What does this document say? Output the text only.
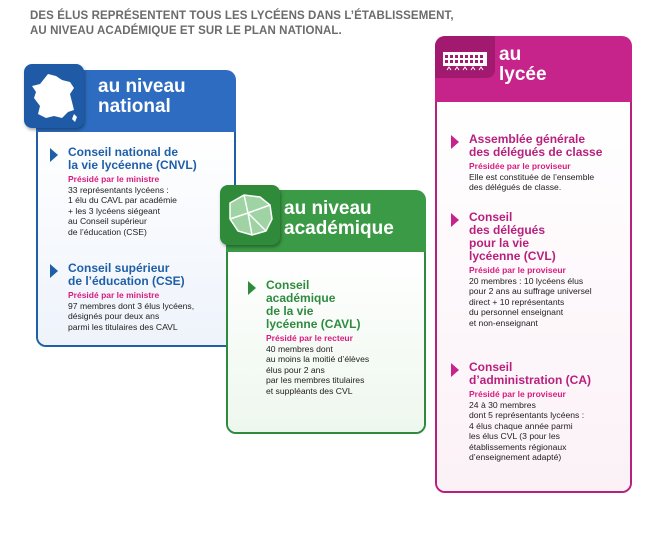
DES ÉLUS REPRÉSENTENT TOUS LES LYCÉENS DANS L’ÉTABLISSEMENT,
AU NIVEAU ACADÉMIQUE ET SUR LE PLAN NATIONAL.
au niveau
national
Conseil national de
la vie lycéenne (CNVL)
Présidé par le ministre
33 représentants lycéens :
1 élu du CAVL par académie
+ les 3 lycéens siégeant
au Conseil supérieur
de l’éducation (CSE)
Conseil supérieur
de l’éducation (CSE)
Présidé par le ministre
97 membres dont 3 élus lycéens,
désignés pour deux ans
parmi les titulaires des CAVL
au niveau
académique
Conseil
académique
de la vie
lycéenne (CAVL)
Présidé par le recteur
40 membres dont
au moins la moitié d’élèves
élus pour 2 ans
par les membres titulaires
et suppléants des CVL
au
lycée
Assemblée générale
des délégués de classe
Présidée par le proviseur
Elle est constituée de l’ensemble
des délégués de classe.
Conseil
des délégués
pour la vie
lycéenne (CVL)
Présidé par le proviseur
20 membres : 10 lycéens élus
pour 2 ans au suffrage universel
direct + 10 représentants
du personnel enseignant
et non-enseignant
Conseil
d’administration (CA)
Présidé par le proviseur
24 à 30 membres
dont 5 représentants lycéens :
4 élus chaque année parmi
les élus CVL (3 pour les
établissements régionaux
d’enseignement adapté)
